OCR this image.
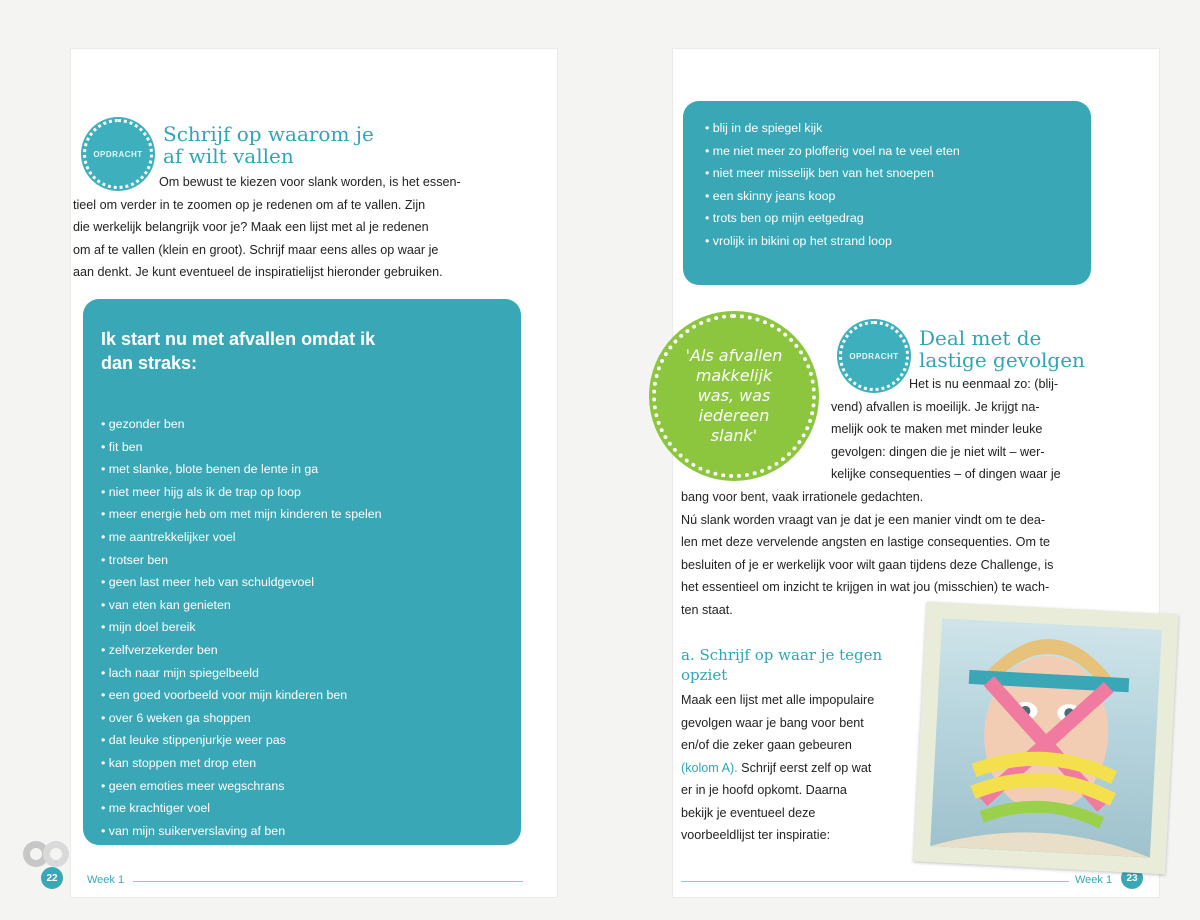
OPDRACHT
Schrijf op waarom je
af wilt vallen
Om bewust te kiezen voor slank worden, is het essen-
tieel om verder in te zoomen op je redenen om af te vallen. Zijn
die werkelijk belangrijk voor je? Maak een lijst met al je redenen
om af te vallen (klein en groot). Schrijf maar eens alles op waar je
aan denkt. Je kunt eventueel de inspiratielijst hieronder gebruiken.
Ik start nu met afvallen omdat ik
dan straks:
• gezonder ben
• fit ben
• met slanke, blote benen de lente in ga
• niet meer hijg als ik de trap op loop
• meer energie heb om met mijn kinderen te spelen
• me aantrekkelijker voel
• trotser ben
• geen last meer heb van schuldgevoel
• van eten kan genieten
• mijn doel bereik
• zelfverzekerder ben
• lach naar mijn spiegelbeeld
• een goed voorbeeld voor mijn kinderen ben
• over 6 weken ga shoppen
• dat leuke stippenjurkje weer pas
• kan stoppen met drop eten
• geen emoties meer wegschrans
• me krachtiger voel
• van mijn suikerverslaving af ben
22	Week 1
• blij in de spiegel kijk
• me niet meer zo plofferig voel na te veel eten
• niet meer misselijk ben van het snoepen
• een skinny jeans koop
• trots ben op mijn eetgedrag
• vrolijk in bikini op het strand loop
OPDRACHT
Deal met de
lastige gevolgen
Het is nu eenmaal zo: (blij-
vend) afvallen is moeilijk. Je krijgt na-
melijk ook te maken met minder leuke
gevolgen: dingen die je niet wilt – wer-
kelijke consequenties – of dingen waar je
bang voor bent, vaak irrationele gedachten.
Nú slank worden vraagt van je dat je een manier vindt om te dea-
len met deze vervelende angsten en lastige consequenties. Om te
besluiten of je er werkelijk voor wilt gaan tijdens deze Challenge, is
het essentieel om inzicht te krijgen in wat jou (misschien) te wach-
ten staat.
a. Schrijf op waar je tegen
opziet
Maak een lijst met alle impopulaire
gevolgen waar je bang voor bent
en/of die zeker gaan gebeuren
(kolom A). Schrijf eerst zelf op wat
er in je hoofd opkomt. Daarna
bekijk je eventueel deze
voorbeeldlijst ter inspiratie:
Week 1	23
'Als afvallen makkelijk was, was iedereen slank'
